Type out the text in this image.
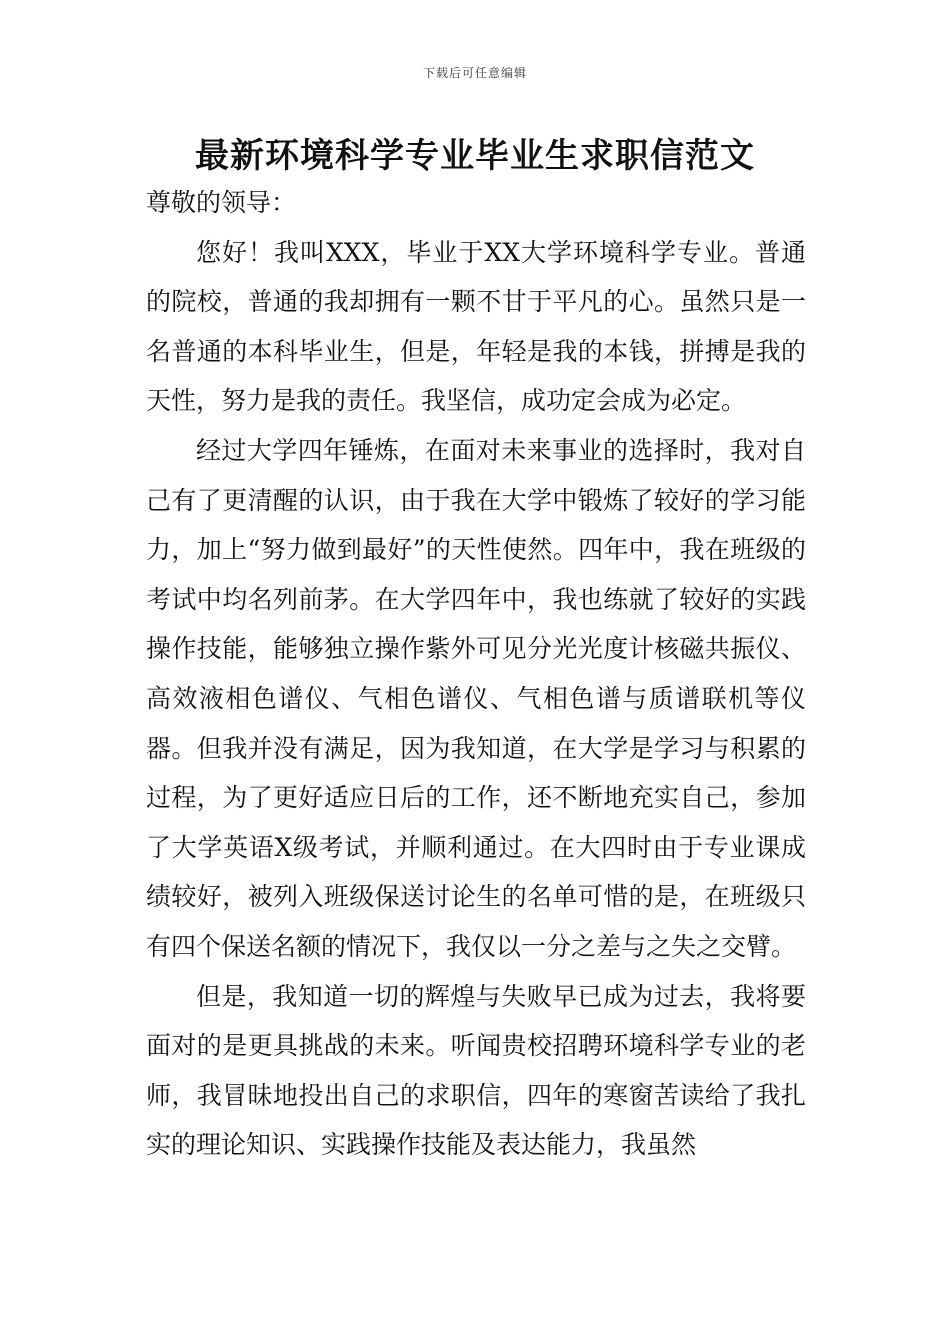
下载后可任意编辑
最新环境科学专业毕业生求职信范文

尊敬的领导：

您好！我叫XXX，毕业于XX大学环境科学专业。普通的院校，普通的我却拥有一颗不甘于平凡的心。虽然只是一名普通的本科毕业生，但是，年轻是我的本钱，拼搏是我的天性，努力是我的责任。我坚信，成功定会成为必定。

经过大学四年锤炼，在面对未来事业的选择时，我对自己有了更清醒的认识，由于我在大学中锻炼了较好的学习能力，加上“努力做到最好”的天性使然。四年中，我在班级的考试中均名列前茅。在大学四年中，我也练就了较好的实践操作技能，能够独立操作紫外可见分光光度计核磁共振仪、高效液相色谱仪、气相色谱仪、气相色谱与质谱联机等仪器。但我并没有满足，因为我知道，在大学是学习与积累的过程，为了更好适应日后的工作，还不断地充实自己，参加了大学英语X级考试，并顺利通过。在大四时由于专业课成绩较好，被列入班级保送讨论生的名单可惜的是，在班级只有四个保送名额的情况下，我仅以一分之差与之失之交臂。

但是，我知道一切的辉煌与失败早已成为过去，我将要面对的是更具挑战的未来。听闻贵校招聘环境科学专业的老师，我冒昧地投出自己的求职信，四年的寒窗苦读给了我扎实的理论知识、实践操作技能及表达能力，我虽然
